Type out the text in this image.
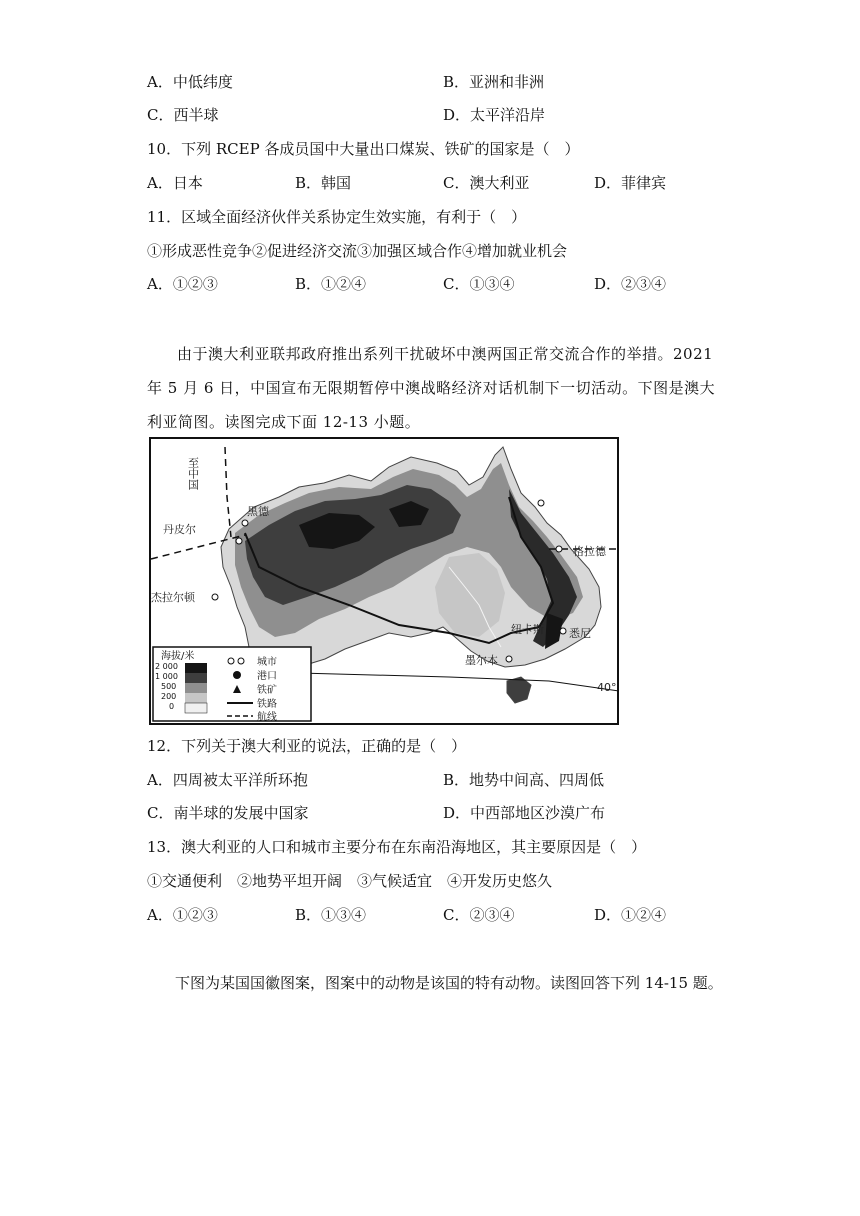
A．中低纬度	B．亚洲和非洲
C．西半球	D．太平洋沿岸
10．下列 RCEP 各成员国中大量出口煤炭、铁矿的国家是（　）
A．日本	B．韩国	C．澳大利亚	D．菲律宾
11．区域全面经济伙伴关系协定生效实施，有利于（　）
①形成恶性竞争②促进经济交流③加强区域合作④增加就业机会
A．①②③	B．①②④	C．①③④	D．②③④
由于澳大利亚联邦政府推出系列干扰破坏中澳两国正常交流合作的举措。2021 年 5 月 6 日，中国宣布无限期暂停中澳战略经济对话机制下一切活动。下图是澳大利亚简图。读图完成下面 12-13 小题。
至中国
黑德
丹皮尔
杰拉尔顿
格拉德
纽卡斯 悉尼
墨尔本
40°
海拔/米
2 000
1 000
500
200
0
城市
港口
铁矿
铁路
航线
12．下列关于澳大利亚的说法，正确的是（　）
A．四周被太平洋所环抱	B．地势中间高、四周低
C．南半球的发展中国家	D．中西部地区沙漠广布
13．澳大利亚的人口和城市主要分布在东南沿海地区，其主要原因是（　）
①交通便利　②地势平坦开阔　③气候适宜　④开发历史悠久
A．①②③	B．①③④	C．②③④	D．①②④
下图为某国国徽图案，图案中的动物是该国的特有动物。读图回答下列 14-15 题。
